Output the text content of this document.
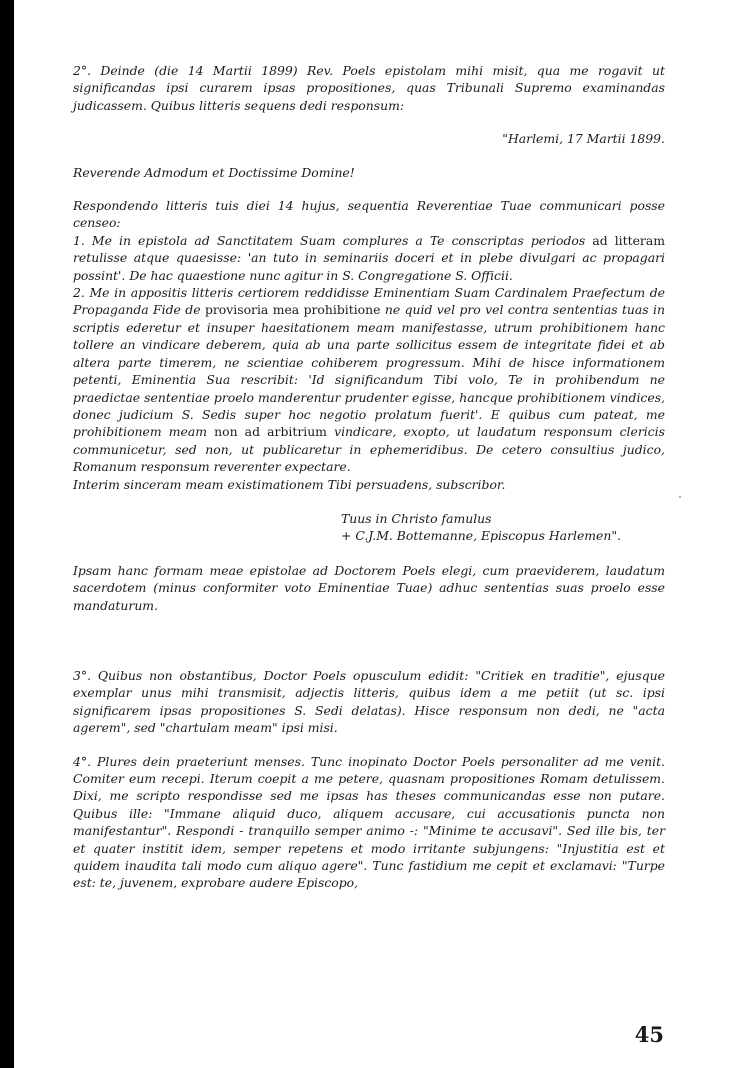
2°. Deinde (die 14 Martii 1899) Rev. Poels epistolam mihi misit, qua me rogavit ut significandas ipsi curarem ipsas propositiones, quas Tribunali Supremo examinandas judicassem. Quibus litteris sequens dedi responsum:

"Harlemi, 17 Martii 1899.

Reverende Admodum et Doctissime Domine!

Respondendo litteris tuis diei 14 hujus, sequentia Reverentiae Tuae communicari posse censeo:

1. Me in epistola ad Sanctitatem Suam complures a Te conscriptas periodos ad litteram retulisse atque quaesisse: 'an tuto in seminariis doceri et in plebe divulgari ac propagari possint'. De hac quaestione nunc agitur in S. Congregatione S. Officii.

2. Me in appositis litteris certiorem reddidisse Eminentiam Suam Cardinalem Praefectum de Propaganda Fide de provisoria mea prohibitione ne quid vel pro vel contra sententias tuas in scriptis ederetur et insuper haesitationem meam manifestasse, utrum prohibitionem hanc tollere an vindicare deberem, quia ab una parte sollicitus essem de integritate fidei et ab altera parte timerem, ne scientiae cohiberem progressum. Mihi de hisce informationem petenti, Eminentia Sua rescribit: 'Id significandum Tibi volo, Te in prohibendum ne praedictae sententiae proelo manderentur prudenter egisse, hancque prohibitionem vindices, donec judicium S. Sedis super hoc negotio prolatum fuerit'. E quibus cum pateat, me prohibitionem meam non ad arbitrium vindicare, exopto, ut laudatum responsum clericis communicetur, sed non, ut publicaretur in ephemeridibus. De cetero consultius judico, Romanum responsum reverenter expectare.

Interim sinceram meam existimationem Tibi persuadens, subscribor.

Tuus in Christo famulus

+ C.J.M. Bottemanne, Episcopus Harlemen".

Ipsam hanc formam meae epistolae ad Doctorem Poels elegi, cum praeviderem, laudatum sacerdotem (minus conformiter voto Eminentiae Tuae) adhuc sententias suas proelo esse mandaturum.

3°. Quibus non obstantibus, Doctor Poels opusculum edidit: "Critiek en traditie", ejusque exemplar unus mihi transmisit, adjectis litteris, quibus idem a me petiit (ut sc. ipsi significarem ipsas propositiones S. Sedi delatas). Hisce responsum non dedi, ne "acta agerem", sed "chartulam meam" ipsi misi.

4°. Plures dein praeteriunt menses. Tunc inopinato Doctor Poels personaliter ad me venit. Comiter eum recepi. Iterum coepit a me petere, quasnam propositiones Romam detulissem. Dixi, me scripto respondisse sed me ipsas has theses communicandas esse non putare. Quibus ille: "Immane aliquid duco, aliquem accusare, cui accusationis puncta non manifestantur". Respondi - tranquillo semper animo -: "Minime te accusavi". Sed ille bis, ter et quater institit idem, semper repetens et modo irritante subjungens: "Injustitia est et quidem inaudita tali modo cum aliquo agere". Tunc fastidium me cepit et exclamavi: "Turpe est: te, juvenem, exprobare audere Episcopo,

45
